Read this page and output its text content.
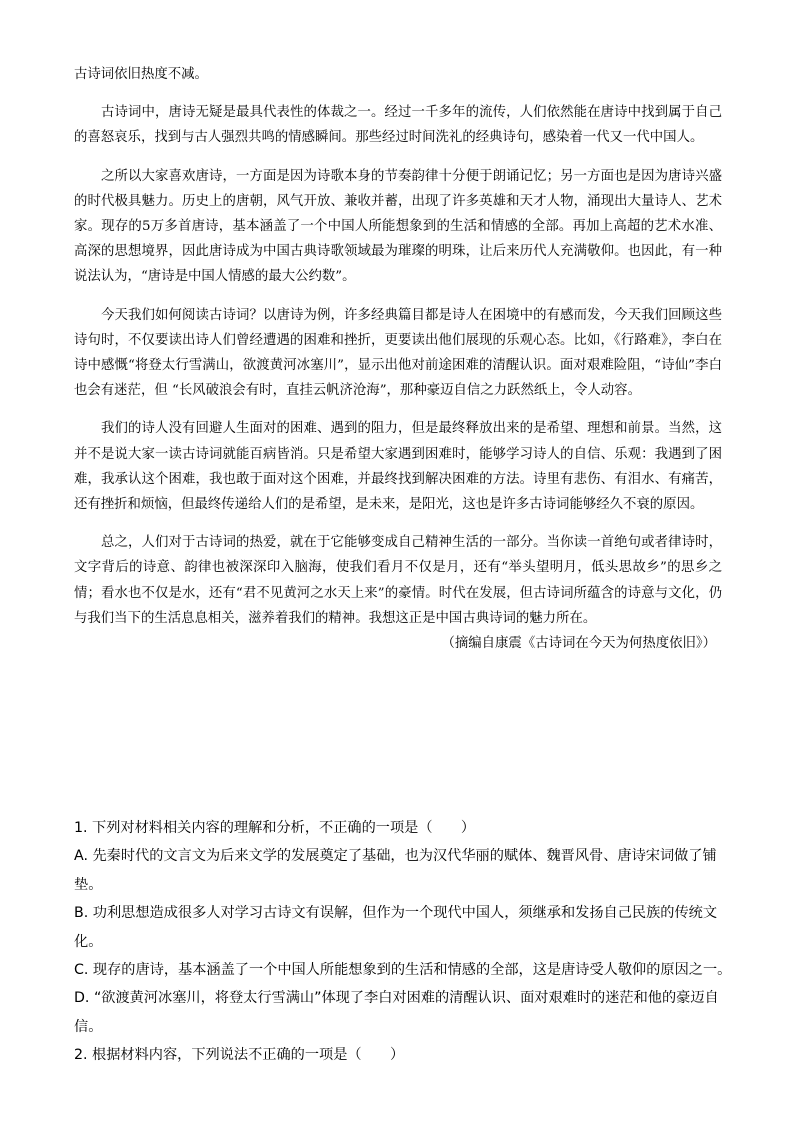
古诗词依旧热度不减。

古诗词中，唐诗无疑是最具代表性的体裁之一。经过一千多年的流传，人们依然能在唐诗中找到属于自己的喜怒哀乐，找到与古人强烈共鸣的情感瞬间。那些经过时间洗礼的经典诗句，感染着一代又一代中国人。

之所以大家喜欢唐诗，一方面是因为诗歌本身的节奏韵律十分便于朗诵记忆；另一方面也是因为唐诗兴盛的时代极具魅力。历史上的唐朝，风气开放、兼收并蓄，出现了许多英雄和天才人物，涌现出大量诗人、艺术家。现存的5万多首唐诗，基本涵盖了一个中国人所能想象到的生活和情感的全部。再加上高超的艺术水准、高深的思想境界，因此唐诗成为中国古典诗歌领域最为璀璨的明珠，让后来历代人充满敬仰。也因此，有一种说法认为，“唐诗是中国人情感的最大公约数”。

今天我们如何阅读古诗词？以唐诗为例，许多经典篇目都是诗人在困境中的有感而发，今天我们回顾这些诗句时，不仅要读出诗人们曾经遭遇的困难和挫折，更要读出他们展现的乐观心态。比如，《行路难》，李白在诗中感慨“将登太行雪满山，欲渡黄河冰塞川”，显示出他对前途困难的清醒认识。面对艰难险阻，“诗仙”李白也会有迷茫，但 “长风破浪会有时，直挂云帆济沧海”，那种豪迈自信之力跃然纸上，令人动容。

我们的诗人没有回避人生面对的困难、遇到的阻力，但是最终释放出来的是希望、理想和前景。当然，这并不是说大家一读古诗词就能百病皆消。只是希望大家遇到困难时，能够学习诗人的自信、乐观：我遇到了困难，我承认这个困难，我也敢于面对这个困难，并最终找到解决困难的方法。诗里有悲伤、有泪水、有痛苦，还有挫折和烦恼，但最终传递给人们的是希望，是未来，是阳光，这也是许多古诗词能够经久不衰的原因。

总之，人们对于古诗词的热爱，就在于它能够变成自己精神生活的一部分。当你读一首绝句或者律诗时，文字背后的诗意、韵律也被深深印入脑海，使我们看月不仅是月，还有“举头望明月，低头思故乡”的思乡之情；看水也不仅是水，还有“君不见黄河之水天上来”的豪情。时代在发展，但古诗词所蕴含的诗意与文化，仍与我们当下的生活息息相关，滋养着我们的精神。我想这正是中国古典诗词的魅力所在。

（摘编自康震《古诗词在今天为何热度依旧》）

1. 下列对材料相关内容的理解和分析，不正确的一项是（　　）

A. 先秦时代的文言文为后来文学的发展奠定了基础，也为汉代华丽的赋体、魏晋风骨、唐诗宋词做了铺垫。

B. 功利思想造成很多人对学习古诗文有误解，但作为一个现代中国人，须继承和发扬自己民族的传统文化。

C. 现存的唐诗，基本涵盖了一个中国人所能想象到的生活和情感的全部，这是唐诗受人敬仰的原因之一。

D. “欲渡黄河冰塞川，将登太行雪满山”体现了李白对困难的清醒认识、面对艰难时的迷茫和他的豪迈自信。

2. 根据材料内容，下列说法不正确的一项是（　　）
